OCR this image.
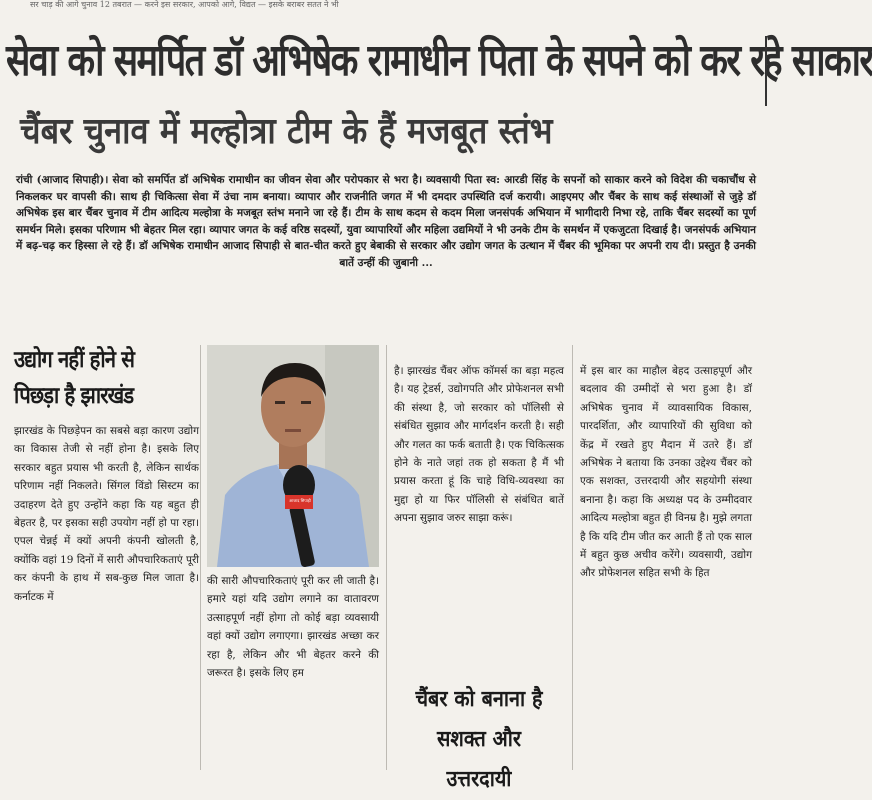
सर चाड़ की आगे चुनाव 12 तबरात — करने इस सरकार, आपको आगे, विद्यत — इसके बराबर सतत ने भी
सेवा को समर्पित डॉ अभिषेक रामाधीन पिता के सपने को कर रहे साकार
चैंबर चुनाव में मल्होत्रा टीम के हैं मजबूत स्तंभ
रांची (आजाद सिपाही)। सेवा को समर्पित डॉ अभिषेक रामाधीन का जीवन सेवा और परोपकार से भरा है। व्यवसायी पिता स्व: आरडी सिंह के सपनों को साकार करने को विदेश की चकाचौंध से निकलकर घर वापसी की। साथ ही चिकित्सा सेवा में उंचा नाम बनाया। व्यापार और राजनीति जगत में भी दमदार उपस्थिति दर्ज करायी। आइएमए और चैंबर के साथ कई संस्थाओं से जुड़े डॉ अभिषेक इस बार चैंबर चुनाव में टीम आदित्य मल्होत्रा के मजबूत स्तंभ मनाने जा रहे हैं। टीम के साथ कदम से कदम मिला जनसंपर्क अभियान में भागीदारी निभा रहे, ताकि चैंबर सदस्यों का पूर्ण समर्थन मिले। इसका परिणाम भी बेहतर मिल रहा। व्यापार जगत के कई वरिष्ठ सदस्यों, युवा व्यापारियों और महिला उद्यमियों ने भी उनके टीम के समर्थन में एकजुटता दिखाई है। जनसंपर्क अभियान में बढ़-चढ़ कर हिस्सा ले रहे हैं। डॉ अभिषेक रामाधीन आजाद सिपाही से बात-चीत करते हुए बेबाकी से सरकार और उद्योग जगत के उत्थान में चैंबर की भूमिका पर अपनी राय दी। प्रस्तुत है उनकी बातें उन्हीं की जुबानी ...
उद्योग नहीं होने से
पिछड़ा है झारखंड
झारखंड के पिछड़ेपन का सबसे बड़ा कारण उद्योग का विकास तेजी से नहीं होना है। इसके लिए सरकार बहुत प्रयास भी करती है, लेकिन सार्थक परिणाम नहीं निकलते। सिंगल विंडो सिस्टम का उदाहरण देते हुए उन्होंने कहा कि यह बहुत ही बेहतर है, पर इसका सही उपयोग नहीं हो पा रहा। एपल चेन्नई में क्यों अपनी कंपनी खोलती है, क्योंकि वहां 19 दिनों में सारी औपचारिकताएं पूरी कर कंपनी के हाथ में सब-कुछ मिल जाता है। कर्नाटक में
आजाद सिपाही
की सारी औपचारिकताएं पूरी कर ली जाती है। हमारे यहां यदि उद्योग लगाने का वातावरण उत्साहपूर्ण नहीं होगा तो कोई बड़ा व्यवसायी वहां क्यों उद्योग लगाएगा। झारखंड अच्छा कर रहा है, लेकिन और भी बेहतर करने की जरूरत है। इसके लिए हम
है। झारखंड चैंबर ऑफ कॉमर्स का बड़ा महत्व है। यह ट्रेडर्स, उद्योगपति और प्रोफेशनल सभी की संस्था है, जो सरकार को पॉलिसी से संबंधित सुझाव और मार्गदर्शन करती है। सही और गलत का फर्क बताती है। एक चिकित्सक होने के नाते जहां तक हो सकता है मैं भी प्रयास करता हूं कि चाहे विधि-व्यवस्था का मुद्दा हो या फिर पॉलिसी से संबंधित बातें अपना सुझाव जरुर साझा करूं।
चैंबर को बनाना है
सशक्त और उत्तरदायी
में इस बार का माहौल बेहद उत्साहपूर्ण और बदलाव की उम्मीदों से भरा हुआ है। डॉ अभिषेक चुनाव में व्यावसायिक विकास, पारदर्शिता, और व्यापारियों की सुविधा को केंद्र में रखते हुए मैदान में उतरे हैं। डॉ अभिषेक ने बताया कि उनका उद्देश्य चैंबर को एक सशक्त, उत्तरदायी और सहयोगी संस्था बनाना है। कहा कि अध्यक्ष पद के उम्मीदवार आदित्य मल्होत्रा बहुत ही विनम्र है। मुझे लगता है कि यदि टीम जीत कर आती हैं तो एक साल में बहुत कुछ अचीव करेंगे। व्यवसायी, उद्योग और प्रोफेशनल सहित सभी के हित
